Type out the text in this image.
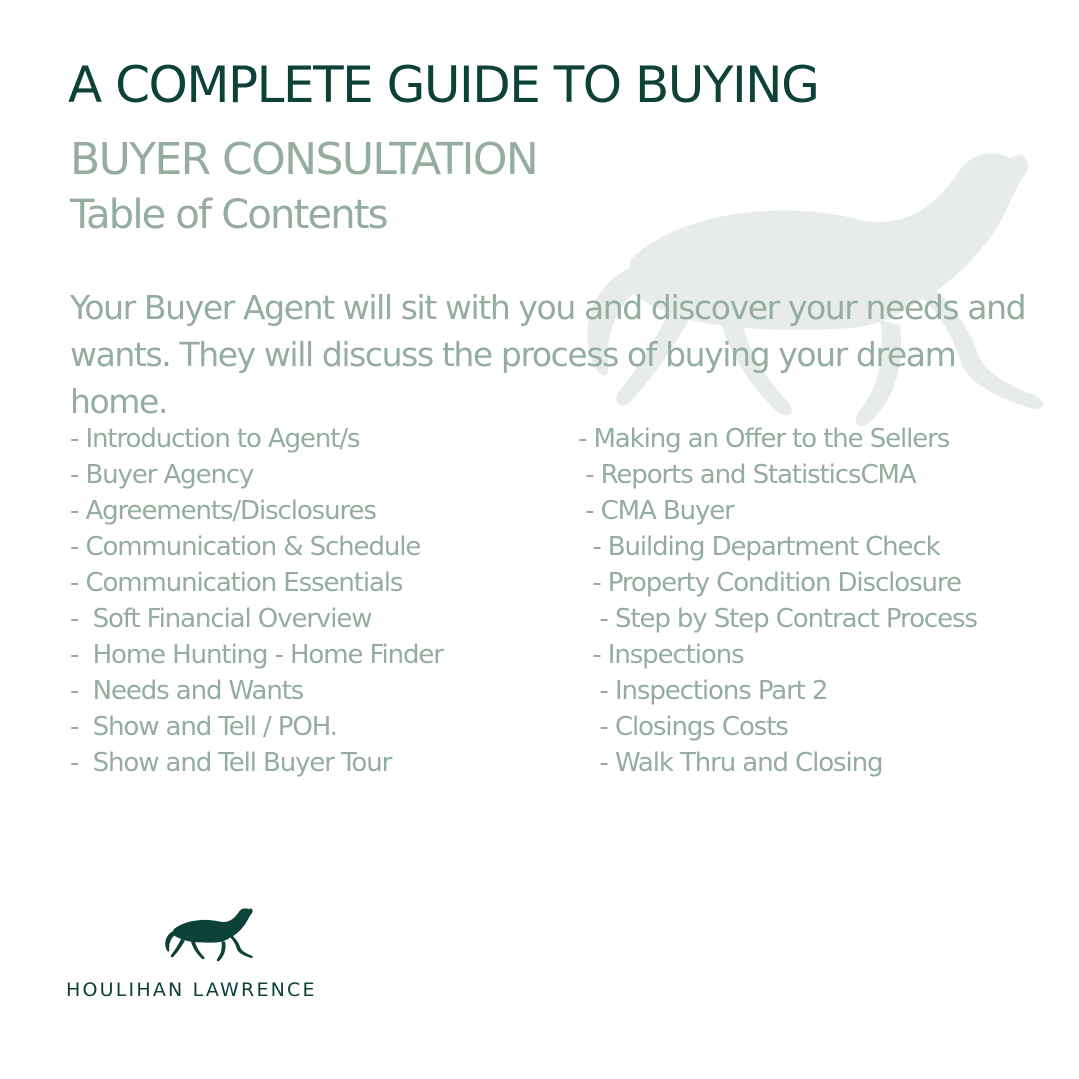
A COMPLETE GUIDE TO BUYING
BUYER CONSULTATION
Table of Contents

Your Buyer Agent will sit with you and discover your needs and wants. They will discuss the process of buying your dream home.

- Introduction to Agent/s
- Buyer Agency
- Agreements/Disclosures
- Communication & Schedule
- Communication Essentials
-  Soft Financial Overview
-  Home Hunting - Home Finder
-  Needs and Wants
-  Show and Tell / POH.
-  Show and Tell Buyer Tour
- Making an Offer to the Sellers
- Reports and StatisticsCMA
- CMA Buyer
- Building Department Check
- Property Condition Disclosure
- Step by Step Contract Process
- Inspections
- Inspections Part 2
- Closings Costs
- Walk Thru and Closing
HOULIHAN LAWRENCE
